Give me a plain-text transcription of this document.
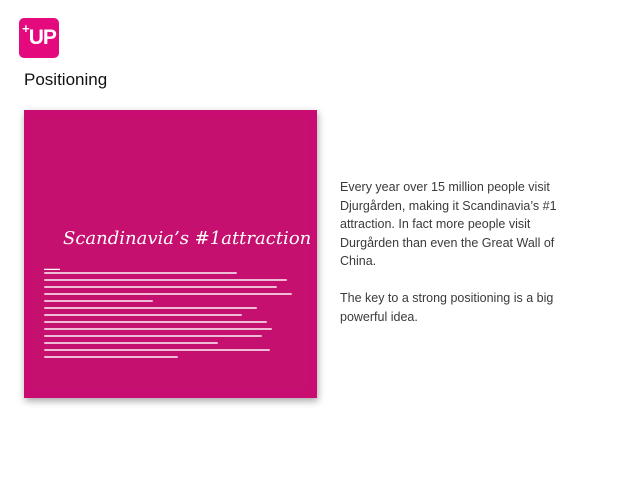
+UP
Positioning
Scandinavia’s #1attraction
▬▬▬▬

Every year over 15 million people visit Djurgården, making it Scandinavia’s #1 attraction. In fact more people visit Durgården than even the Great Wall of China.

The key to a strong positioning is a big powerful idea.
